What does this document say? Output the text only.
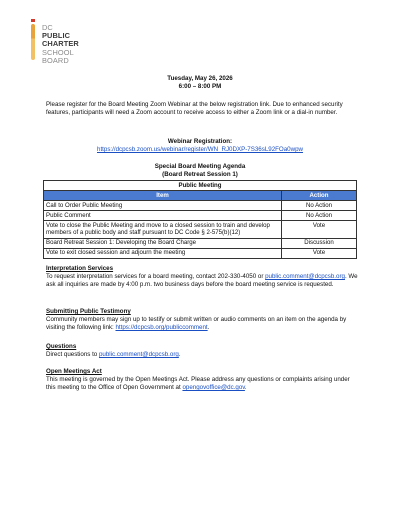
DC
PUBLIC
CHARTER
SCHOOL
BOARD
Tuesday, May 26, 2026
6:00 – 8:00 PM
Please register for the Board Meeting Zoom Webinar at the below registration link. Due to enhanced security features, participants will need a Zoom account to receive access to either a Zoom link or a dial-in number.
Webinar Registration:
https://dcpcsb.zoom.us/webinar/register/WN_RJ0DXP-7S36sL92FOa0wpw
Special Board Meeting Agenda
(Board Retreat Session 1)
Public Meeting	
Item	Action
Call to Order Public Meeting	No Action
Public Comment	No Action
Vote to close the Public Meeting and move to a closed session to train and develop members of a public body and staff pursuant to DC Code § 2-575(b)(12)	Vote
Board Retreat Session 1: Developing the Board Charge	Discussion
Vote to exit closed session and adjourn the meeting	Vote
Interpretation Services
To request interpretation services for a board meeting, contact 202-330-4050 or public.comment@dcpcsb.org. We ask all inquiries are made by 4:00 p.m. two business days before the board meeting service is requested.
Submitting Public Testimony
Community members may sign up to testify or submit written or audio comments on an item on the agenda by visiting the following link: https://dcpcsb.org/publiccomment.
Questions
Direct questions to public.comment@dcpcsb.org.
Open Meetings Act
This meeting is governed by the Open Meetings Act. Please address any questions or complaints arising under this meeting to the Office of Open Government at opengovoffice@dc.gov.
